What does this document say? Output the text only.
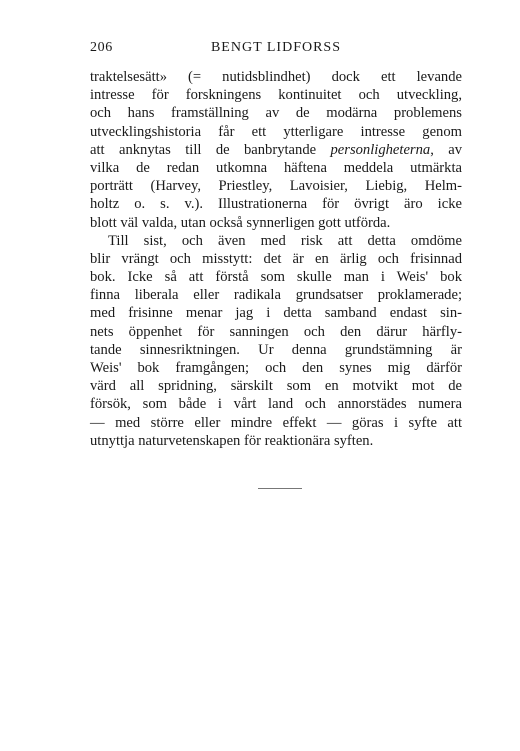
206	BENGT LIDFORSS
traktelsesätt» (= nutidsblindhet) dock ett levande
intresse för forskningens kontinuitet och utveckling,
och hans framställning av de modärna problemens
utvecklingshistoria får ett ytterligare intresse genom
att anknytas till de banbrytande personligheterna, av
vilka de redan utkomna häftena meddela utmärkta
porträtt (Harvey, Priestley, Lavoisier, Liebig, Helm-
holtz o. s. v.). Illustrationerna för övrigt äro icke
blott väl valda, utan också synnerligen gott utförda.
Till sist, och även med risk att detta omdöme
blir vrängt och misstytt: det är en ärlig och frisinnad
bok. Icke så att förstå som skulle man i Weis' bok
finna liberala eller radikala grundsatser proklamerade;
med frisinne menar jag i detta samband endast sin-
nets öppenhet för sanningen och den därur härfly-
tande sinnesriktningen. Ur denna grundstämning är
Weis' bok framgången; och den synes mig därför
värd all spridning, särskilt som en motvikt mot de
försök, som både i vårt land och annorstädes numera
— med större eller mindre effekt — göras i syfte att
utnyttja naturvetenskapen för reaktionära syften.
